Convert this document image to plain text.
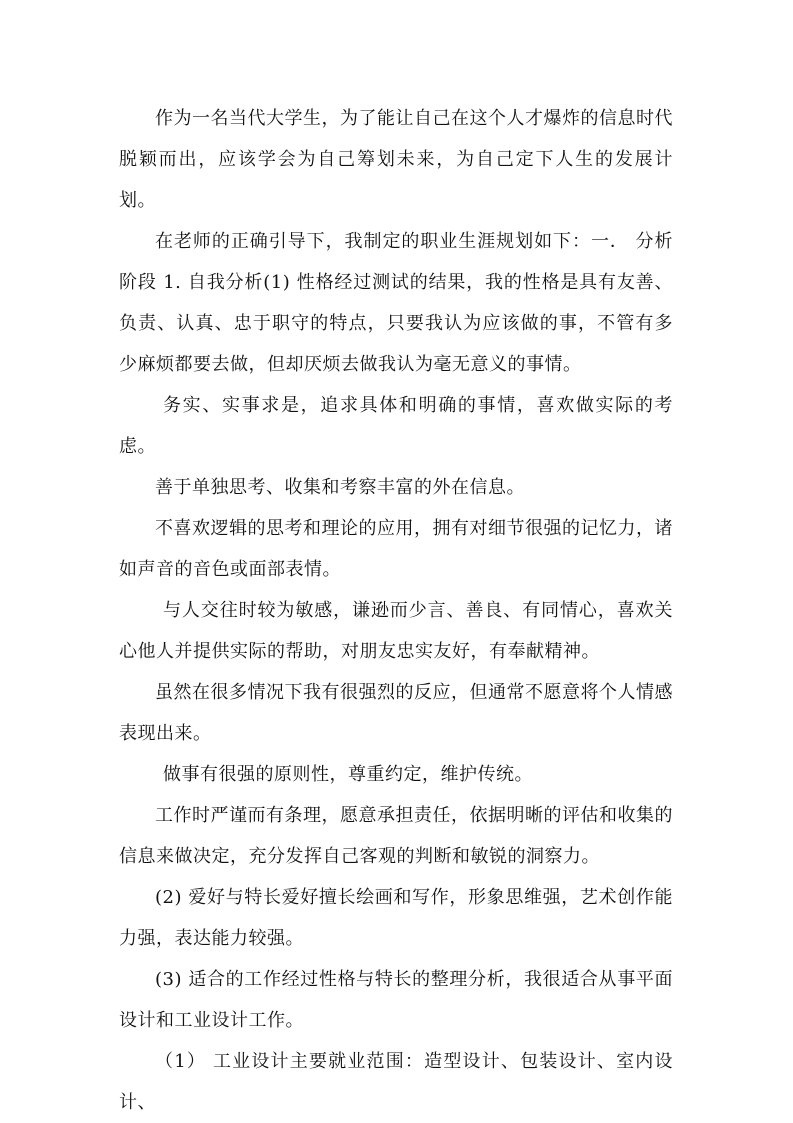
作为一名当代大学生，为了能让自己在这个人才爆炸的信息时代脱颖而出，应该学会为自己筹划未来，为自己定下人生的发展计划。

在老师的正确引导下，我制定的职业生涯规划如下：一． 分析阶段 1. 自我分析(1) 性格经过测试的结果，我的性格是具有友善、负责、认真、忠于职守的特点，只要我认为应该做的事，不管有多少麻烦都要去做，但却厌烦去做我认为毫无意义的事情。

务实、实事求是，追求具体和明确的事情，喜欢做实际的考虑。

善于单独思考、收集和考察丰富的外在信息。

不喜欢逻辑的思考和理论的应用，拥有对细节很强的记忆力，诸如声音的音色或面部表情。

与人交往时较为敏感，谦逊而少言、善良、有同情心，喜欢关心他人并提供实际的帮助，对朋友忠实友好，有奉献精神。

虽然在很多情况下我有很强烈的反应，但通常不愿意将个人情感表现出来。

做事有很强的原则性，尊重约定，维护传统。

工作时严谨而有条理，愿意承担责任，依据明晰的评估和收集的信息来做决定，充分发挥自己客观的判断和敏锐的洞察力。

(2) 爱好与特长爱好擅长绘画和写作，形象思维强，艺术创作能力强，表达能力较强。

(3) 适合的工作经过性格与特长的整理分析，我很适合从事平面设计和工业设计工作。

（1） 工业设计主要就业范围：造型设计、包装设计、室内设计、
